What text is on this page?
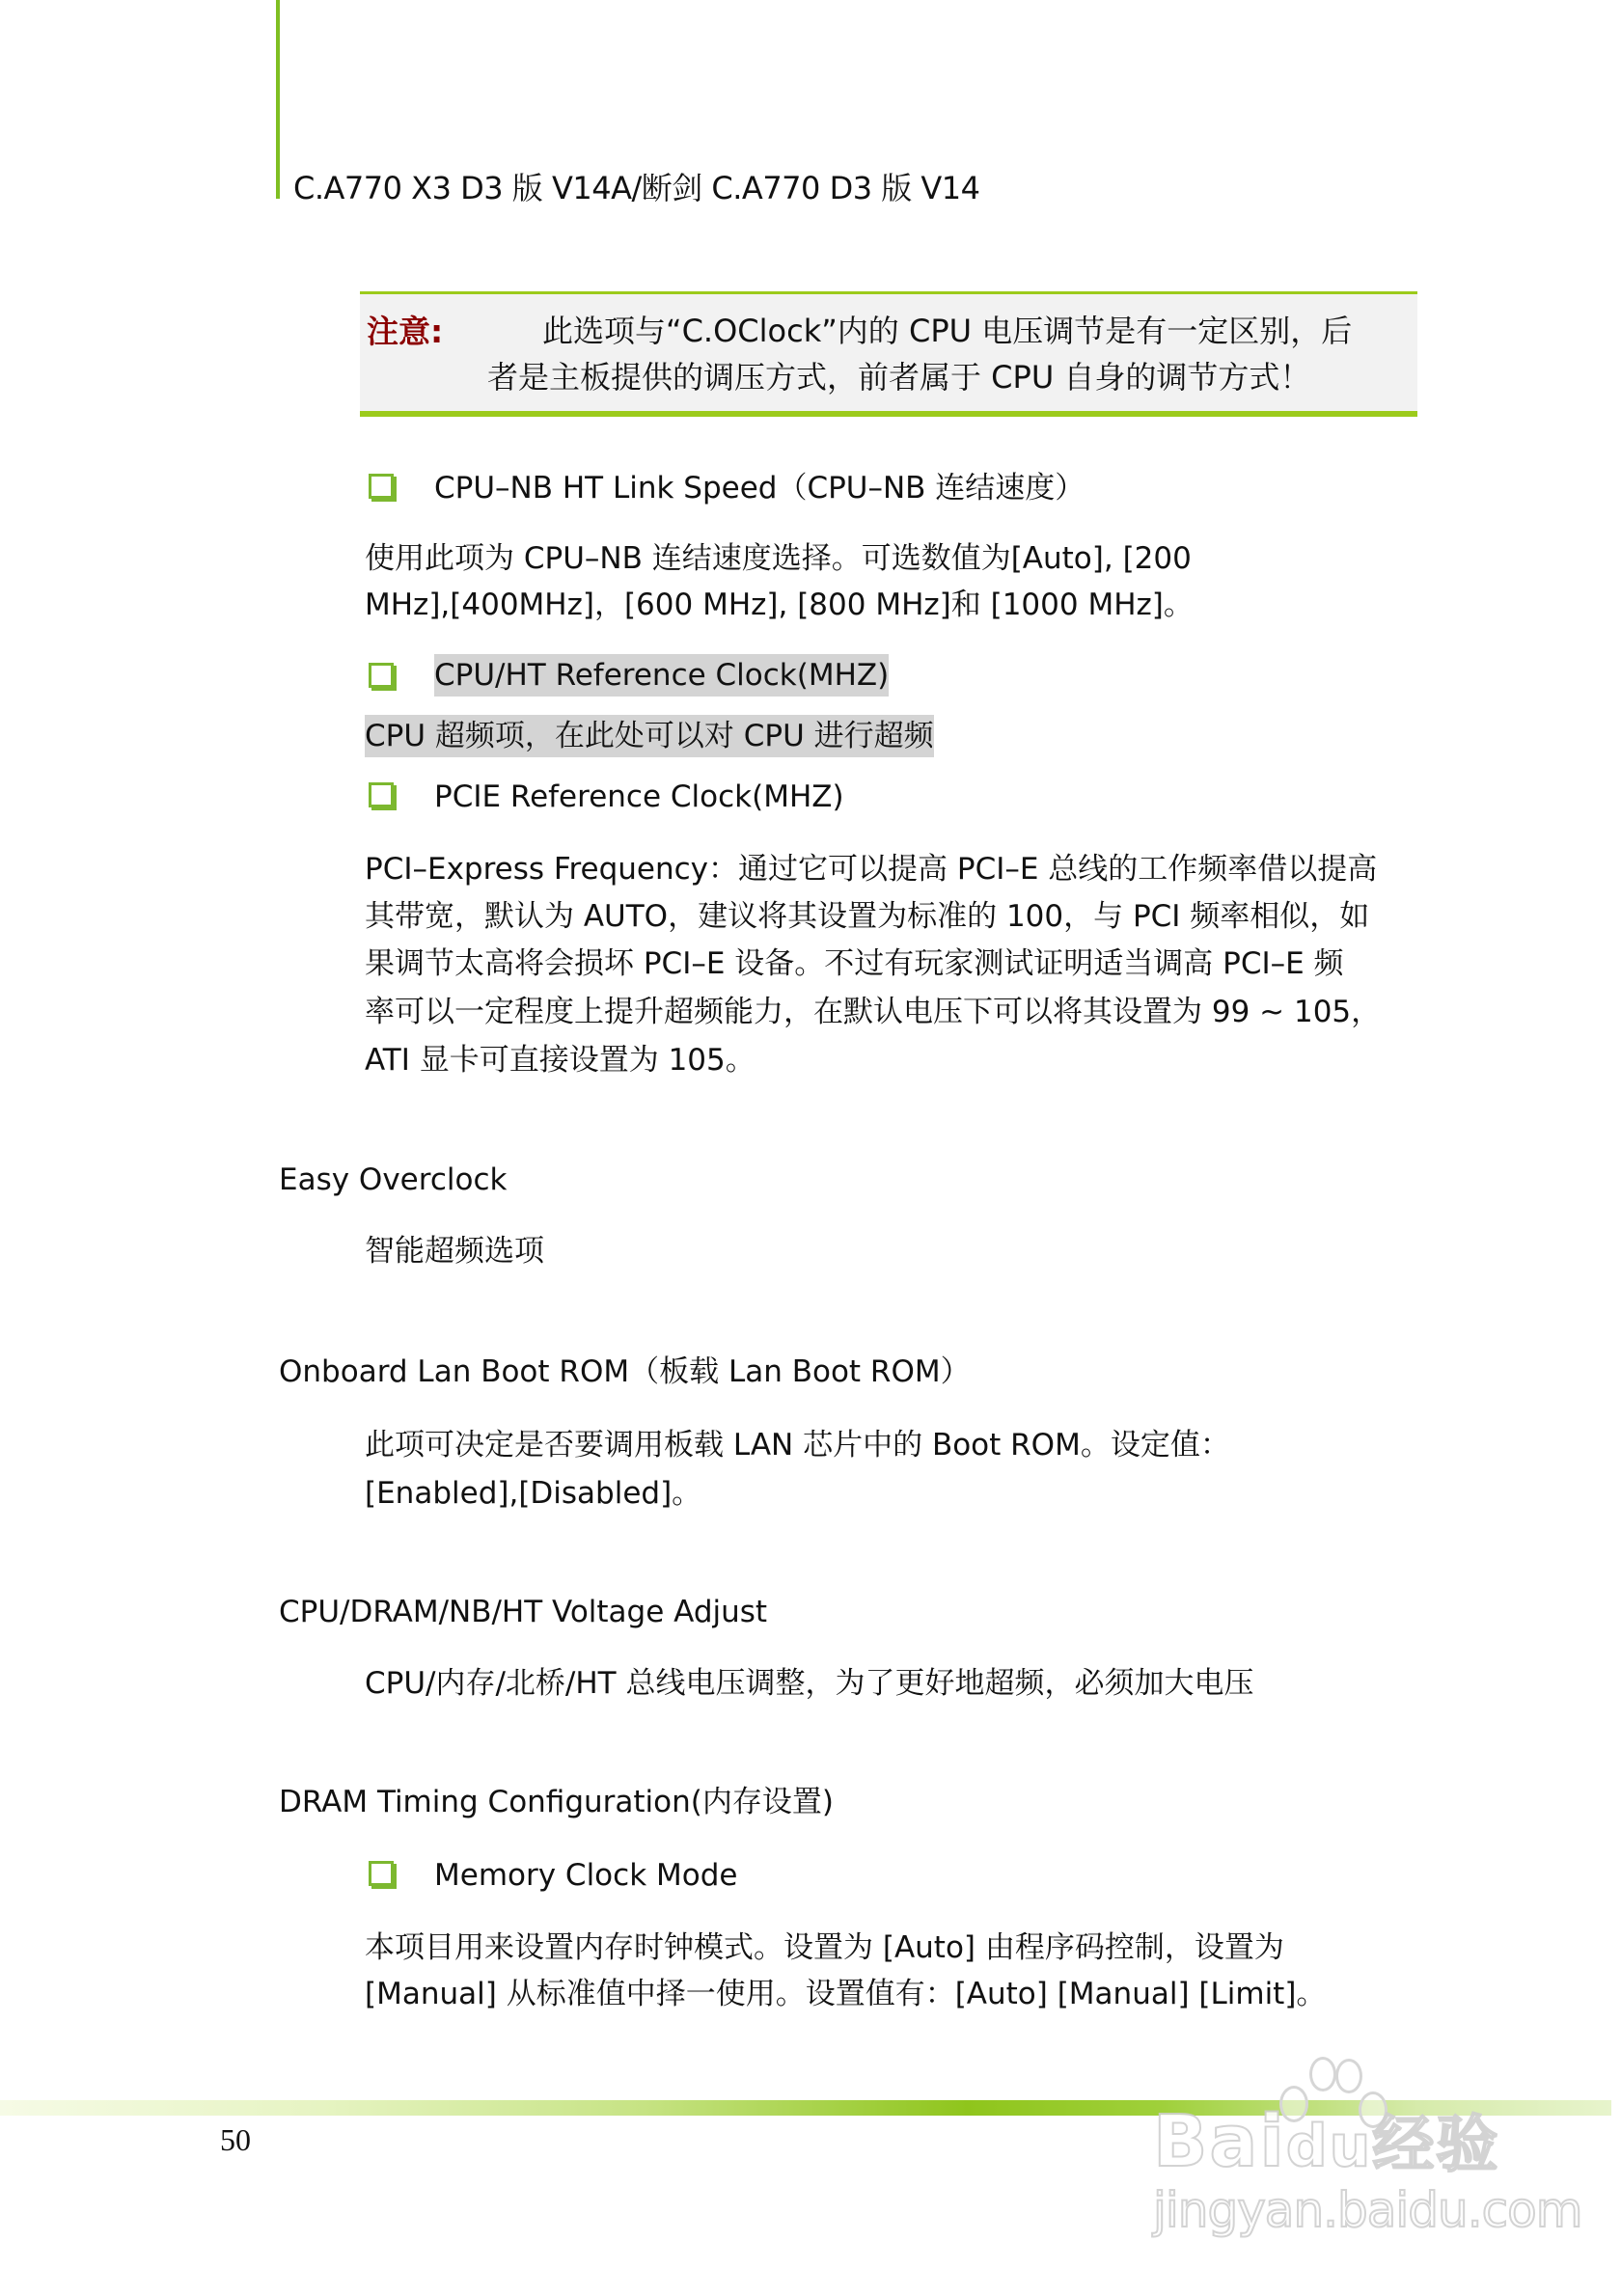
C.A770 X3 D3 版 V14A/断剑 C.A770 D3 版 V14
注意:	此选项与“C.OClock”内的 CPU 电压调节是有一定区别，后
者是主板提供的调压方式，前者属于 CPU 自身的调节方式！
CPU–NB HT Link Speed（CPU–NB 连结速度）
使用此项为 CPU–NB 连结速度选择。可选数值为[Auto], [200
MHz],[400MHz]，[600 MHz], [800 MHz]和 [1000 MHz]。
CPU/HT Reference Clock(MHZ)
CPU 超频项，在此处可以对 CPU 进行超频
PCIE Reference Clock(MHZ)
PCI–Express Frequency：通过它可以提高 PCI–E 总线的工作频率借以提高
其带宽，默认为 AUTO，建议将其设置为标准的 100，与 PCI 频率相似，如
果调节太高将会损坏 PCI–E 设备。不过有玩家测试证明适当调高 PCI–E 频
率可以一定程度上提升超频能力，在默认电压下可以将其设置为 99 ~ 105，
ATI 显卡可直接设置为 105。
Easy Overclock
智能超频选项
Onboard Lan Boot ROM（板载 Lan Boot ROM）
此项可决定是否要调用板载 LAN 芯片中的 Boot ROM。设定值：
[Enabled],[Disabled]。
CPU/DRAM/NB/HT Voltage Adjust
CPU/内存/北桥/HT 总线电压调整，为了更好地超频，必须加大电压
DRAM Timing Configuration(内存设置)
Memory Clock Mode
本项目用来设置内存时钟模式。设置为 [Auto] 由程序码控制，设置为
[Manual] 从标准值中择一使用。设置值有：[Auto] [Manual] [Limit]。
50	Baidu经验
jingyan.baidu.com
